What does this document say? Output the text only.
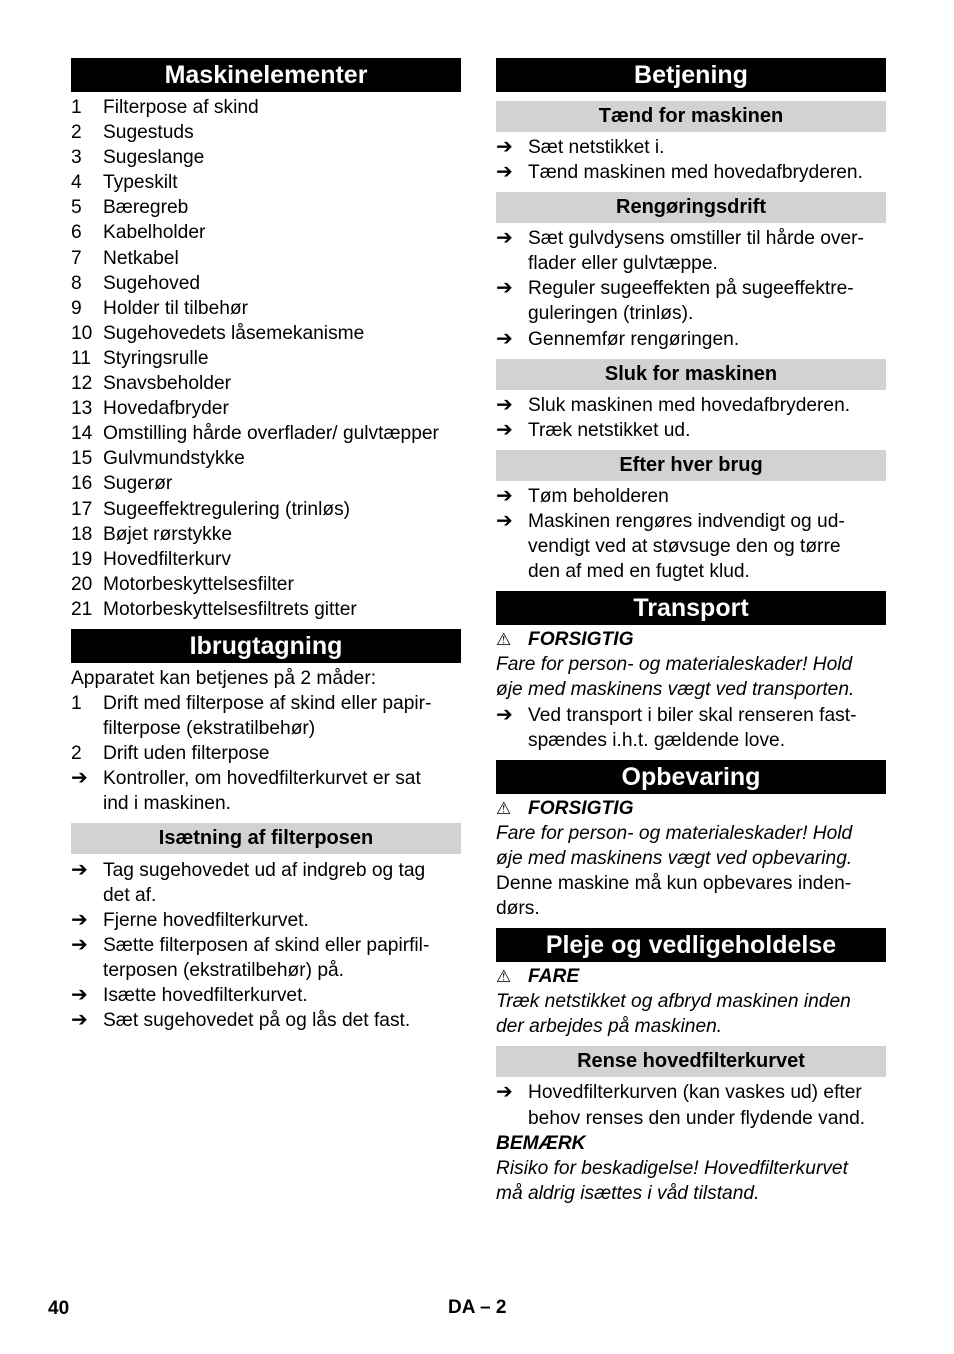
Maskinelementer
1	Filterpose af skind
2	Sugestuds
3	Sugeslange
4	Typeskilt
5	Bæregreb
6	Kabelholder
7	Netkabel
8	Sugehoved
9	Holder til tilbehør
10 Sugehovedets låsemekanisme
11 Styringsrulle
12 Snavsbeholder
13 Hovedafbryder
14 Omstilling hårde overflader/ gulvtæpper
15 Gulvmundstykke
16 Sugerør
17 Sugeeffektregulering (trinløs)
18 Bøjet rørstykke
19 Hovedfilterkurv
20 Motorbeskyttelsesfilter
21 Motorbeskyttelsesfiltrets gitter
Ibrugtagning
Apparatet kan betjenes på 2 måder:
1	Drift med filterpose af skind eller papir-
filterpose (ekstratilbehør)
2	Drift uden filterpose
➔ Kontroller, om hovedfilterkurvet er sat
ind i maskinen.
Isætning af filterposen
➔ Tag sugehovedet ud af indgreb og tag
det af.
➔ Fjerne hovedfilterkurvet.
➔ Sætte filterposen af skind eller papirfil-
terposen (ekstratilbehør) på.
➔ Isætte hovedfilterkurvet.
➔ Sæt sugehovedet på og lås det fast.
Betjening
Tænd for maskinen
➔ Sæt netstikket i.
➔ Tænd maskinen med hovedafbryderen.
Rengøringsdrift
➔ Sæt gulvdysens omstiller til hårde over-
flader eller gulvtæppe.
➔ Reguler sugeeffekten på sugeeffektre-
guleringen (trinløs).
➔ Gennemfør rengøringen.
Sluk for maskinen
➔ Sluk maskinen med hovedafbryderen.
➔ Træk netstikket ud.
Efter hver brug
➔ Tøm beholderen
➔ Maskinen rengøres indvendigt og ud-
vendigt ved at støvsuge den og tørre
den af med en fugtet klud.
Transport
⚠ FORSIGTIG
Fare for person- og materialeskader! Hold
øje med maskinens vægt ved transporten.
➔ Ved transport i biler skal renseren fast-
spændes i.h.t. gældende love.
Opbevaring
⚠ FORSIGTIG
Fare for person- og materialeskader! Hold
øje med maskinens vægt ved opbevaring.
Denne maskine må kun opbevares inden-
dørs.
Pleje og vedligeholdelse
⚠ FARE
Træk netstikket og afbryd maskinen inden
der arbejdes på maskinen.
Rense hovedfilterkurvet
➔ Hovedfilterkurven (kan vaskes ud) efter
behov renses den under flydende vand.
BEMÆRK
Risiko for beskadigelse! Hovedfilterkurvet
må aldrig isættes i våd tilstand.
40	DA – 2
